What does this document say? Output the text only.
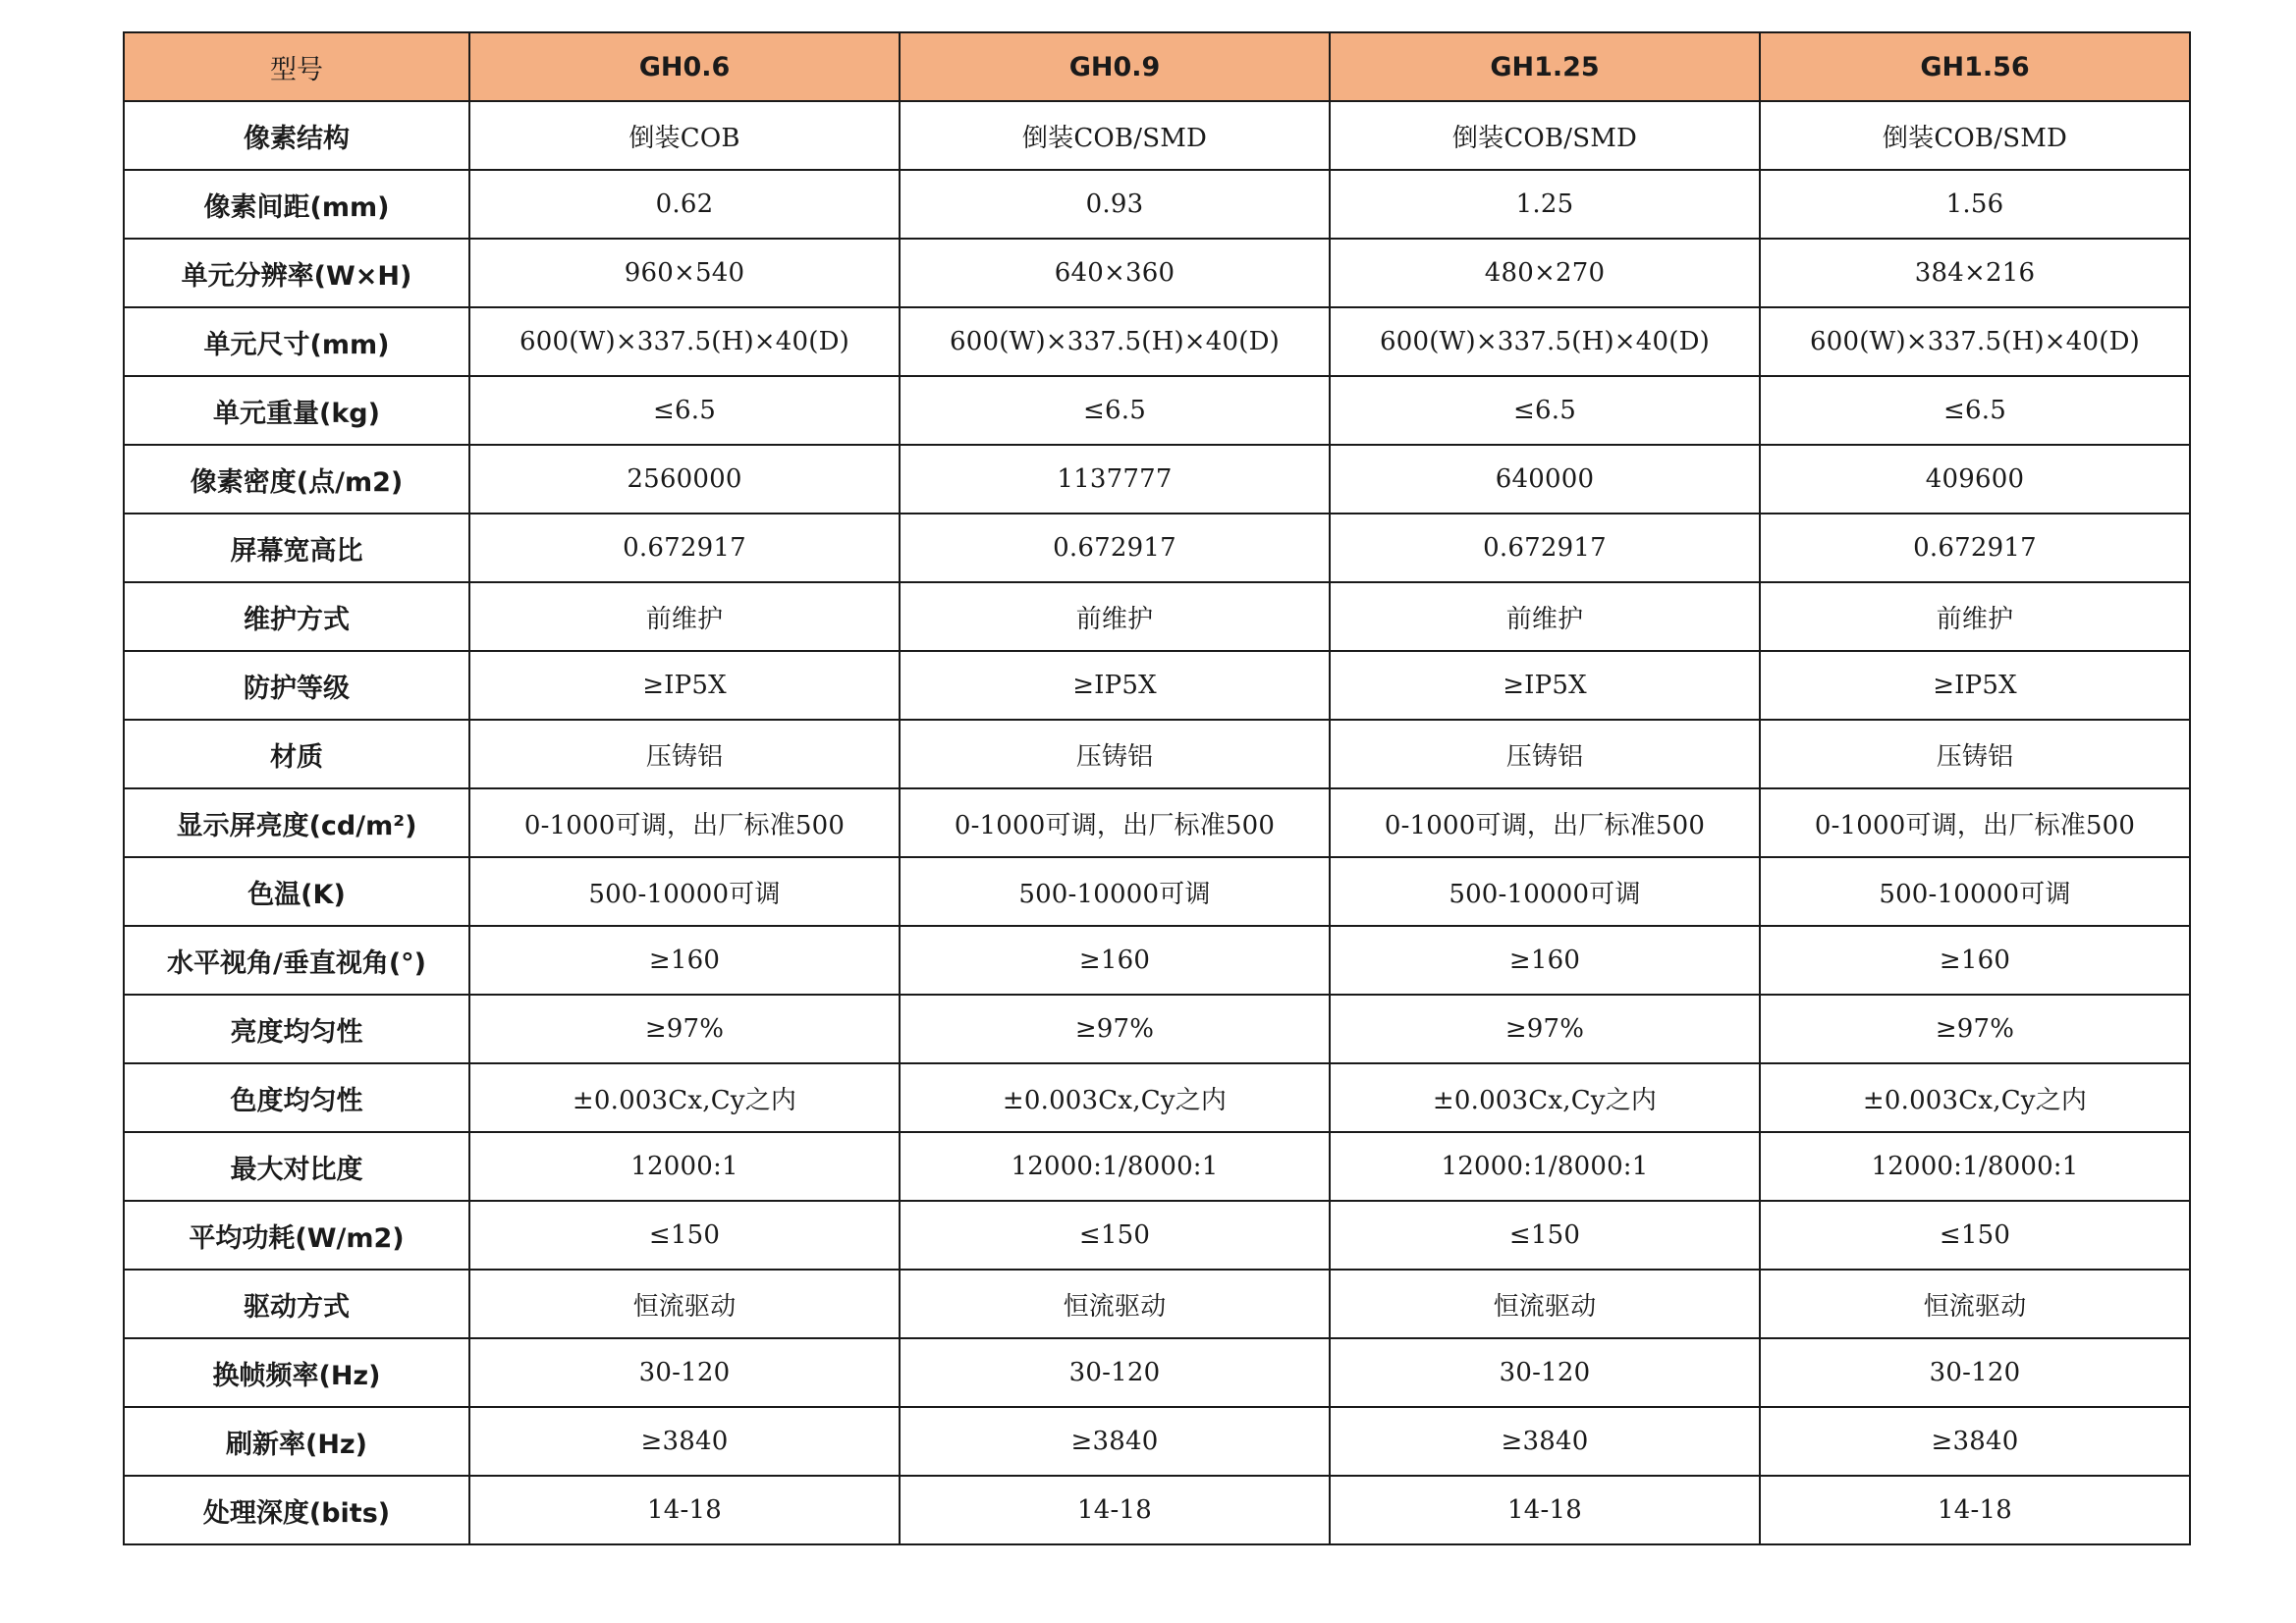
型号	GH0.6	GH0.9	GH1.25	GH1.56
像素结构	倒装COB	倒装COB/SMD	倒装COB/SMD	倒装COB/SMD
像素间距(mm)	0.62	0.93	1.25	1.56
单元分辨率(W×H)	960×540	640×360	480×270	384×216
单元尺寸(mm)	600(W)×337.5(H)×40(D)	600(W)×337.5(H)×40(D)	600(W)×337.5(H)×40(D)	600(W)×337.5(H)×40(D)
单元重量(kg)	≤6.5	≤6.5	≤6.5	≤6.5
像素密度(点/m2)	2560000	1137777	640000	409600
屏幕宽高比	0.672917	0.672917	0.672917	0.672917
维护方式	前维护	前维护	前维护	前维护
防护等级	≥IP5X	≥IP5X	≥IP5X	≥IP5X
材质	压铸铝	压铸铝	压铸铝	压铸铝
显示屏亮度(cd/m²)	0-1000可调，出厂标准500	0-1000可调，出厂标准500	0-1000可调，出厂标准500	0-1000可调，出厂标准500
色温(K)	500-10000可调	500-10000可调	500-10000可调	500-10000可调
水平视角/垂直视角(°)	≥160	≥160	≥160	≥160
亮度均匀性	≥97%	≥97%	≥97%	≥97%
色度均匀性	±0.003Cx,Cy之内	±0.003Cx,Cy之内	±0.003Cx,Cy之内	±0.003Cx,Cy之内
最大对比度	12000:1	12000:1/8000:1	12000:1/8000:1	12000:1/8000:1
平均功耗(W/m2)	≤150	≤150	≤150	≤150
驱动方式	恒流驱动	恒流驱动	恒流驱动	恒流驱动
换帧频率(Hz)	30-120	30-120	30-120	30-120
刷新率(Hz)	≥3840	≥3840	≥3840	≥3840
处理深度(bits)	14-18	14-18	14-18	14-18
